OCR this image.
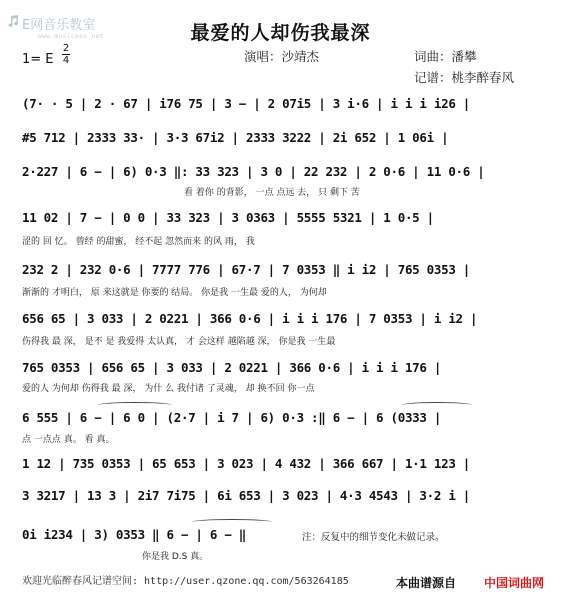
E网音乐教室
www.musiceeo.net	最爱的人却伤我最深
演唱：沙靖杰	词曲：潘攀
记谱：桃李醉春风
1= E
2
4
(7· · 5 | 2 · 67 | i76 75 | 3 − | 2 07i5 | 3 i·6 | i i i i26 |
#5 712 | 2333 33· | 3·3 67i2 | 2333 3222 | 2i 652 | 1 06i |
2·227 | 6 − | 6) 0·3 ‖: 33 323 | 3 0 | 22 232 | 2 0·6 | 11 0·6 |
看 着你 的背影， 一点 点远 去， 只 剩下 苦
11 02 | 7 − | 0 0 | 33 323 | 3 0363 | 5555 5321 | 1 0·5 |
涩的 回 忆。 曾经 的甜蜜， 经不起 忽然而来 的风 雨， 我
232 2 | 232 0·6 | 7777 776 | 67·7 | 7 0353 ‖ i i2 | 765 0353 |
渐渐的 才明白， 原 来这就是 你要的 结局。 你是我 一生最 爱的人， 为何却
656 65 | 3 033 | 2 0221 | 366 0·6 | i i i 176 | 7 0353 | i i2 |
伤得我 最 深， 是不 是 我爱得 太认真， 才 会这样 越陷越 深， 你是我 一生最
765 0353 | 656 65 | 3 033 | 2 0221 | 366 0·6 | i i i 176 |
爱的人 为何却 伤得我 最 深， 为什 么 我付诸 了灵魂， 却 换不回 你一点
6 555 | 6 − | 6 0 | (2·7 | i 7 | 6) 0·3 :‖ 6 − | 6 (0333 |
点 一点点 真。 看 真。
1 12 | 735 0353 | 65 653 | 3 023 | 4 432 | 366 667 | 1·1 123 |
3 3217 | 13 3 | 2i7 7i75 | 6i 653 | 3 023 | 4·3 4543 | 3·2 i |
0i i234 | 3) 0353 ‖ 6 − | 6 − ‖
你是我 D.S 真。
注：反复中的细节变化未做记录。
欢迎光临醉春风记谱空间: http://user.qzone.qq.com/563264185	本曲谱源自 中国词曲网
